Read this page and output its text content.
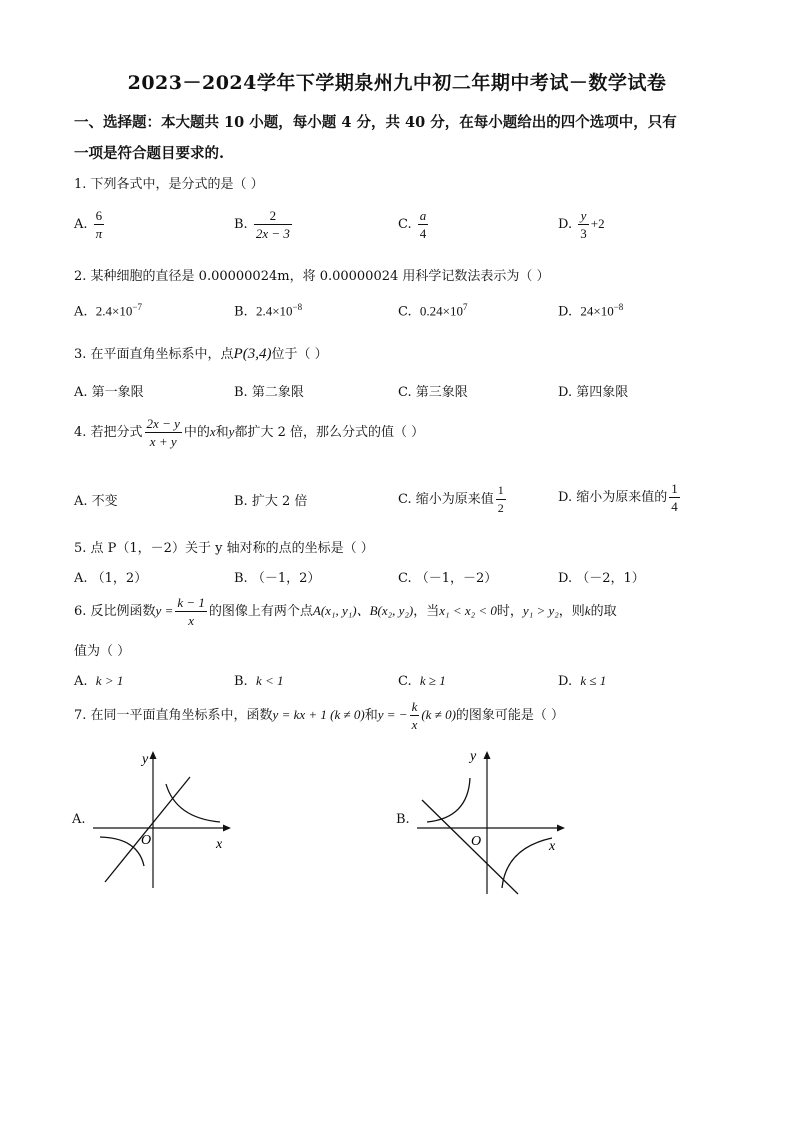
2023－2024学年下学期泉州九中初二年期中考试－数学试卷
一、选择题：本大题共 10 小题，每小题 4 分，共 40 分，在每小题给出的四个选项中，只有
一项是符合题目要求的.
1. 下列各式中，是分式的是（ ）
A. $\frac{6}{\pi}$	B. $\frac{2}{2x - 3}$	C. $\frac{a}{4}$	D. $\frac{y}{3} +2$
2. 某种细胞的直径是 0.00000024m，将 0.00000024 用科学记数法表示为（ ）
A. $2.4\times 10^{-7}$	B. $2.4\times 10^{-8}$	C. $0.24\times 10^7$	D. $24\times 10^{-8}$
3. 在平面直角坐标系中，点P(3,4)位于（ ）
A. 第一象限	B. 第二象限	C. 第三象限	D. 第四象限
4. 若把分式 $\frac{2x - y}{x + y}$ 中的x和y都扩大 2 倍，那么分式的值（ ）
A. 不变	B. 扩大 2 倍	C. 缩小为原来值 $\frac{1}{2}$	D. 缩小为原来值的 $\frac{1}{4}$
5. 点 P（1，－2）关于 y 轴对称的点的坐标是（ ）
A. （1，2）	B. （－1，2）	C. （－1，－2）	D. （－2，1）
6. 反比例函数$y = \frac{k - 1}{x}$ 的图像上有两个点A(x₁, y₁)、B(x₂, y₂)，当x₁ < x₂ < 0时，y₁ > y₂，则k的取
值为（ ）
A. k > 1	B. k < 1	C. k ≥ 1	D. k ≤ 1
7. 在同一平面直角坐标系中，函数y = kx + 1 (k ≠ 0)和y = − $\frac{k}{x} (k \ne 0)$的图象可能是（ ）
A.
y
x
O
B.
y
x
O
